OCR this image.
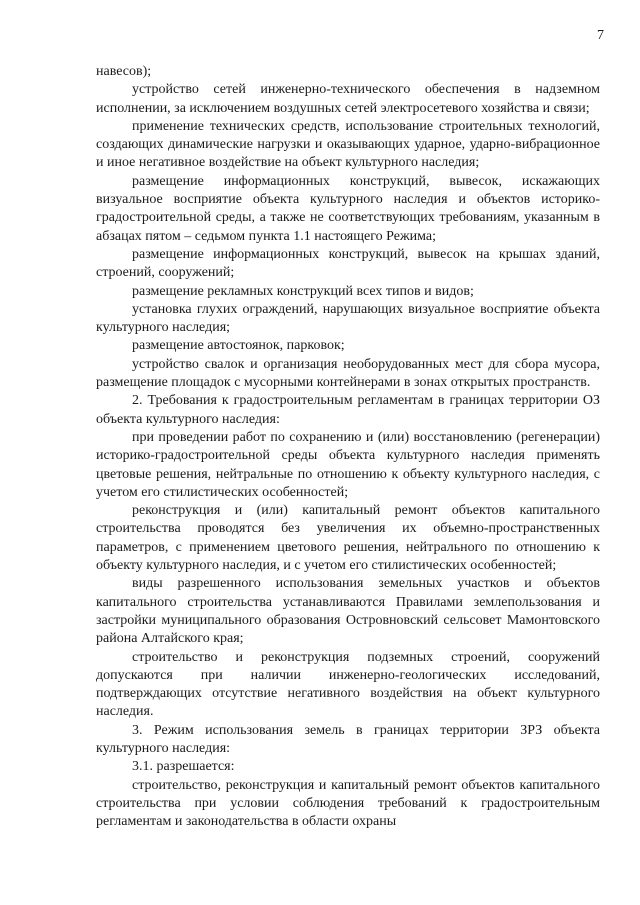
7

навесов);

устройство сетей инженерно-технического обеспечения в надземном исполнении, за исключением воздушных сетей электросетевого хозяйства и связи;

применение технических средств, использование строительных технологий, создающих динамические нагрузки и оказывающих ударное, ударно-вибрационное и иное негативное воздействие на объект культурного наследия;

размещение информационных конструкций, вывесок, искажающих визуальное восприятие объекта культурного наследия и объектов историко-градостроительной среды, а также не соответствующих требованиям, указанным в абзацах пятом – седьмом пункта 1.1 настоящего Режима;

размещение информационных конструкций, вывесок на крышах зданий, строений, сооружений;

размещение рекламных конструкций всех типов и видов;

установка глухих ограждений, нарушающих визуальное восприятие объекта культурного наследия;

размещение автостоянок, парковок;

устройство свалок и организация необорудованных мест для сбора мусора, размещение площадок с мусорными контейнерами в зонах открытых пространств.

2. Требования к градостроительным регламентам в границах территории ОЗ объекта культурного наследия:

при проведении работ по сохранению и (или) восстановлению (регенерации) историко-градостроительной среды объекта культурного наследия применять цветовые решения, нейтральные по отношению к объекту культурного наследия, с учетом его стилистических особенностей;

реконструкция и (или) капитальный ремонт объектов капитального строительства проводятся без увеличения их объемно-пространственных параметров, с применением цветового решения, нейтрального по отношению к объекту культурного наследия, и с учетом его стилистических особенностей;

виды разрешенного использования земельных участков и объектов капитального строительства устанавливаются Правилами землепользования и застройки муниципального образования Островновский сельсовет Мамонтовского района Алтайского края;

строительство и реконструкция подземных строений, сооружений допускаются при наличии инженерно-геологических исследований, подтверждающих отсутствие негативного воздействия на объект культурного наследия.

3. Режим использования земель в границах территории ЗРЗ объекта культурного наследия:

3.1. разрешается:

строительство, реконструкция и капитальный ремонт объектов капитального строительства при условии соблюдения требований к градостроительным регламентам и законодательства в области охраны
